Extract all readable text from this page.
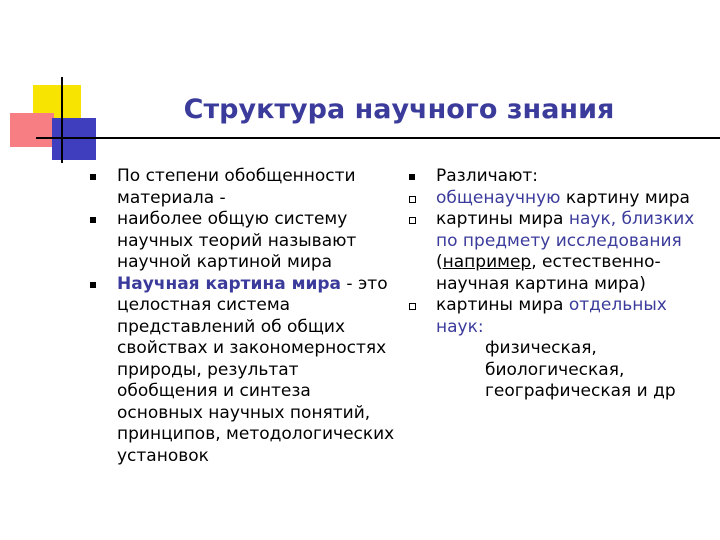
Структура научного знания
По степени обобщенности материала -
наиболее общую систему научных теорий называют научной картиной мира
Научная картина мира - это целостная система представлений об общих свойствах и закономерностях природы, результат обобщения и синтеза основных научных понятий, принципов, методологических установок
Различают:
общенаучную картину мира
картины мира наук, близких по предмету исследования
(например, естественно-научная картина мира)
картины мира отдельных наук:
физическая,
биологическая,
географическая и др
